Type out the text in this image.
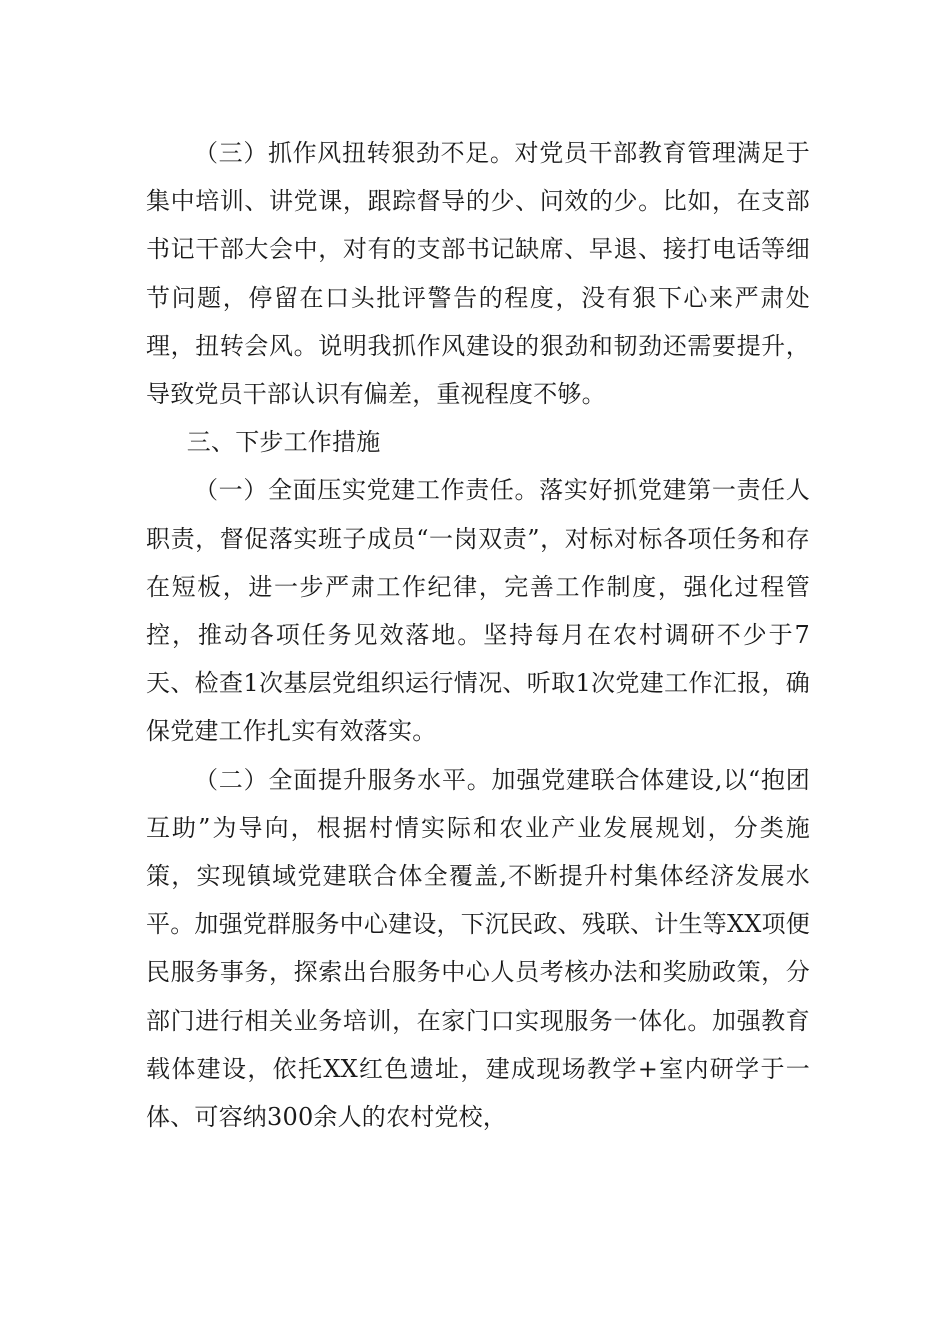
（三）抓作风扭转狠劲不足。对党员干部教育管理满足于集中培训、讲党课，跟踪督导的少、问效的少。比如，在支部书记干部大会中，对有的支部书记缺席、早退、接打电话等细节问题，停留在口头批评警告的程度，没有狠下心来严肃处理，扭转会风。说明我抓作风建设的狠劲和韧劲还需要提升，导致党员干部认识有偏差，重视程度不够。

三、下步工作措施

（一）全面压实党建工作责任。落实好抓党建第一责任人职责，督促落实班子成员“一岗双责”，对标对标各项任务和存在短板，进一步严肃工作纪律，完善工作制度，强化过程管控，推动各项任务见效落地。坚持每月在农村调研不少于7天、检查1次基层党组织运行情况、听取1次党建工作汇报，确保党建工作扎实有效落实。

（二）全面提升服务水平。加强党建联合体建设,以“抱团互助”为导向，根据村情实际和农业产业发展规划，分类施策，实现镇域党建联合体全覆盖,不断提升村集体经济发展水平。加强党群服务中心建设，下沉民政、残联、计生等XX项便民服务事务，探索出台服务中心人员考核办法和奖励政策，分部门进行相关业务培训，在家门口实现服务一体化。加强教育载体建设，依托XX红色遗址，建成现场教学+室内研学于一体、可容纳300余人的农村党校，
